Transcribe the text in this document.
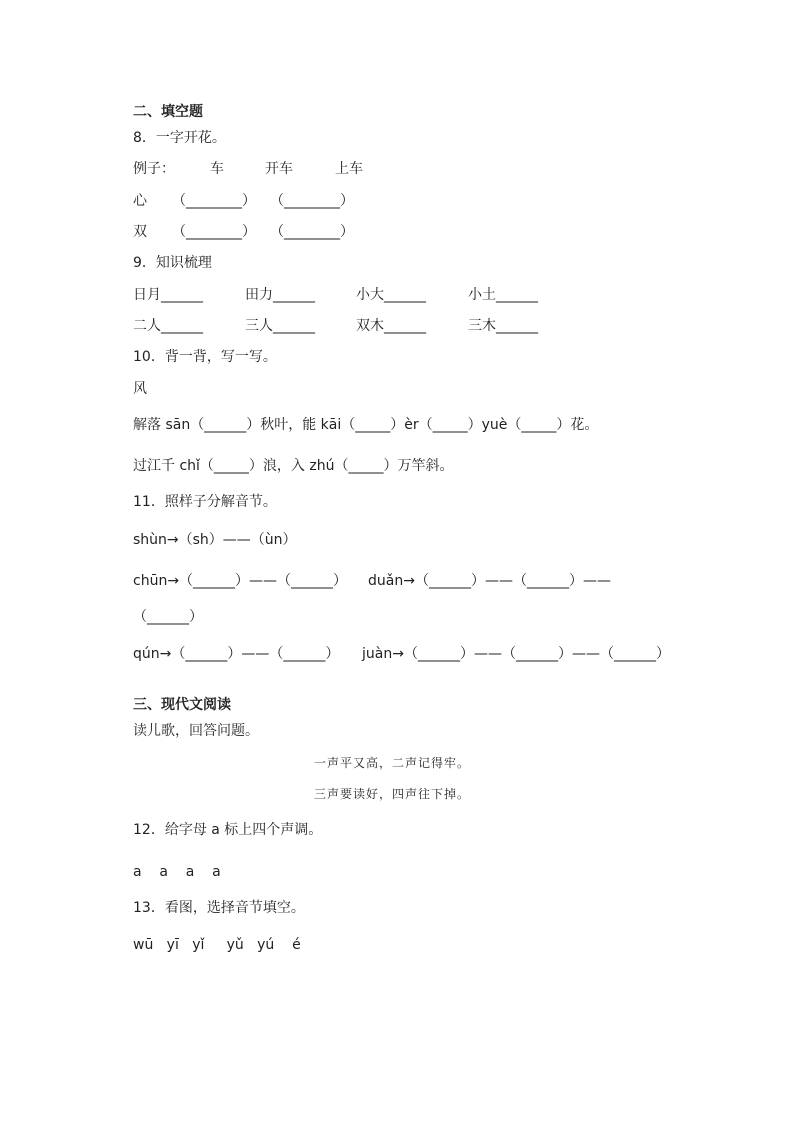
二、填空题
8．一字开花。
例子：	车	开车	上车
心 （________） （________）
双 （________） （________）
9．知识梳理
日月______	田力______	小大______	小土______
二人______	三人______	双木______	三木______
10．背一背，写一写。
风
解落 sān（______）秋叶，能 kāi（_____）èr（_____）yuè（_____）花。
过江千 chǐ（_____）浪，入 zhú（_____）万竿斜。
11．照样子分解音节。
shùn→（sh）——（ùn）
chūn→（______）——（______） duǎn→（______）——（______）——
（______）
qún→（______）——（______） juàn→（______）——（______）——（______）
三、现代文阅读
读儿歌，回答问题。
一声平又高，二声记得牢。
三声要读好，四声往下掉。
12．给字母 a 标上四个声调。
a    a    a    a
13．看图，选择音节填空。
wū   yī   yǐ     yǔ   yú    é
